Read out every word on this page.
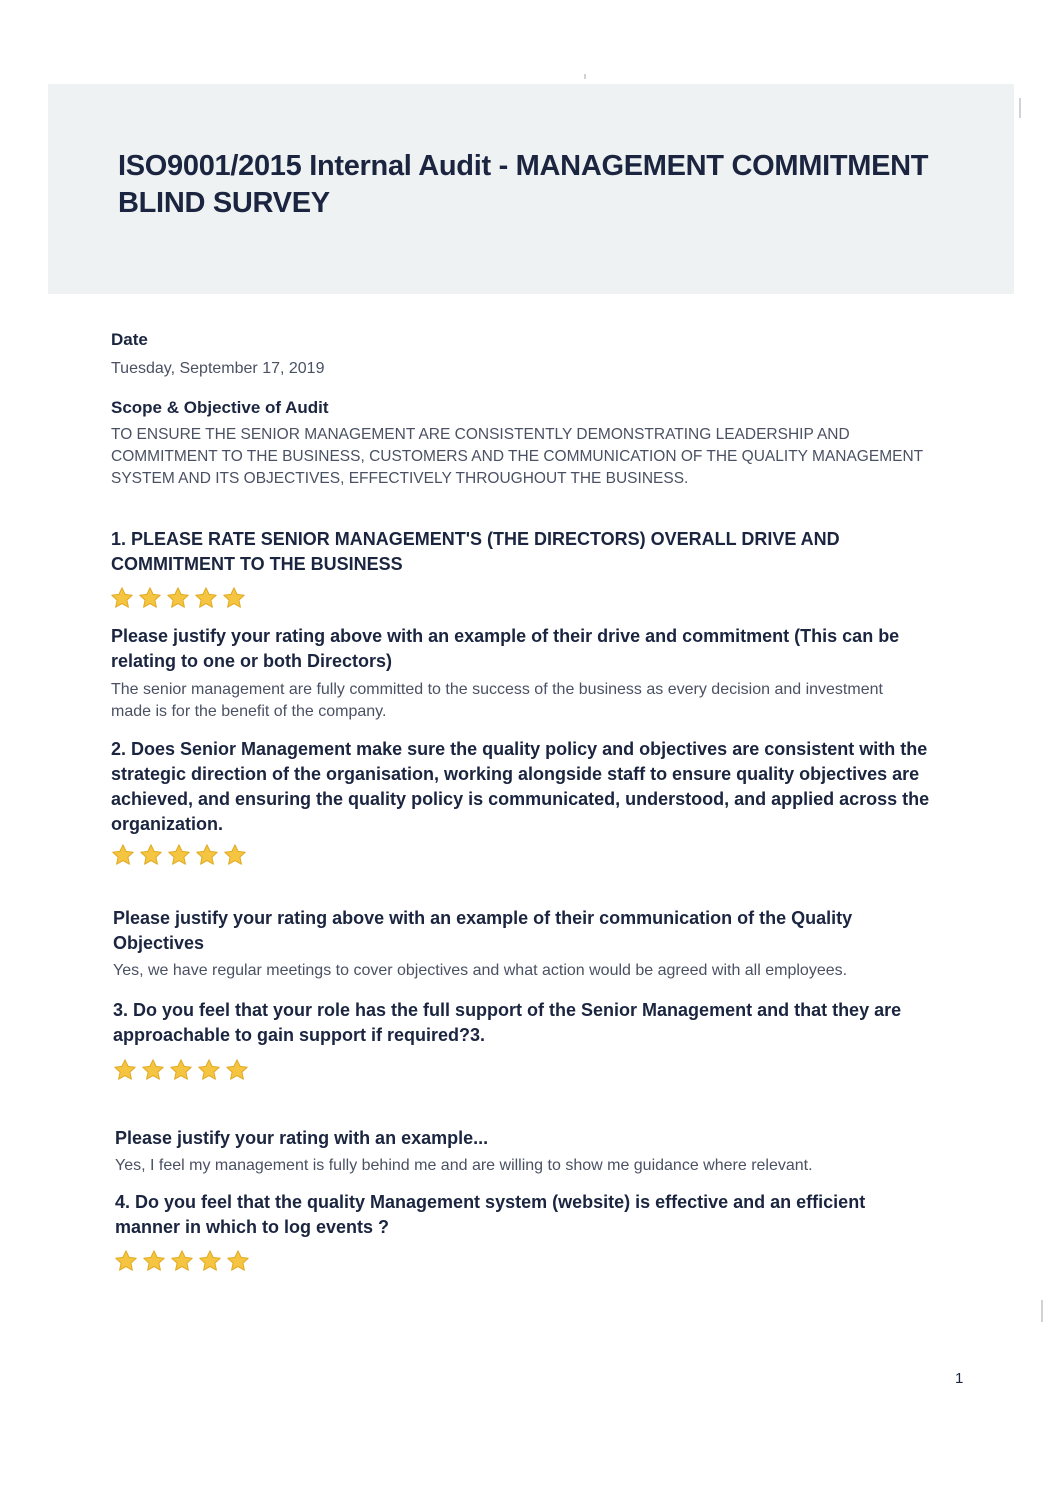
ISO9001/2015 Internal Audit - MANAGEMENT COMMITMENT BLIND SURVEY

Date

Tuesday, September 17, 2019

Scope & Objective of Audit

TO ENSURE THE SENIOR MANAGEMENT ARE CONSISTENTLY DEMONSTRATING LEADERSHIP AND COMMITMENT TO THE BUSINESS, CUSTOMERS AND THE COMMUNICATION OF THE QUALITY MANAGEMENT SYSTEM AND ITS OBJECTIVES, EFFECTIVELY THROUGHOUT THE BUSINESS.

1. PLEASE RATE SENIOR MANAGEMENT'S (THE DIRECTORS) OVERALL DRIVE AND COMMITMENT TO THE BUSINESS

Please justify your rating above with an example of their drive and commitment (This can be relating to one or both Directors)

The senior management are fully committed to the success of the business as every decision and investment made is for the benefit of the company.

2. Does Senior Management make sure the quality policy and objectives are consistent with the strategic direction of the organisation, working alongside staff to ensure quality objectives are achieved, and ensuring the quality policy is communicated, understood, and applied across the organization.

Please justify your rating above with an example of their communication of the Quality Objectives

Yes, we have regular meetings to cover objectives and what action would be agreed with all employees.

3. Do you feel that your role has the full support of the Senior Management and that they are approachable to gain support if required?3.

Please justify your rating with an example...

Yes, I feel my management is fully behind me and are willing to show me guidance where relevant.

4. Do you feel that the quality Management system (website) is effective and an efficient manner in which to log events ?

1
